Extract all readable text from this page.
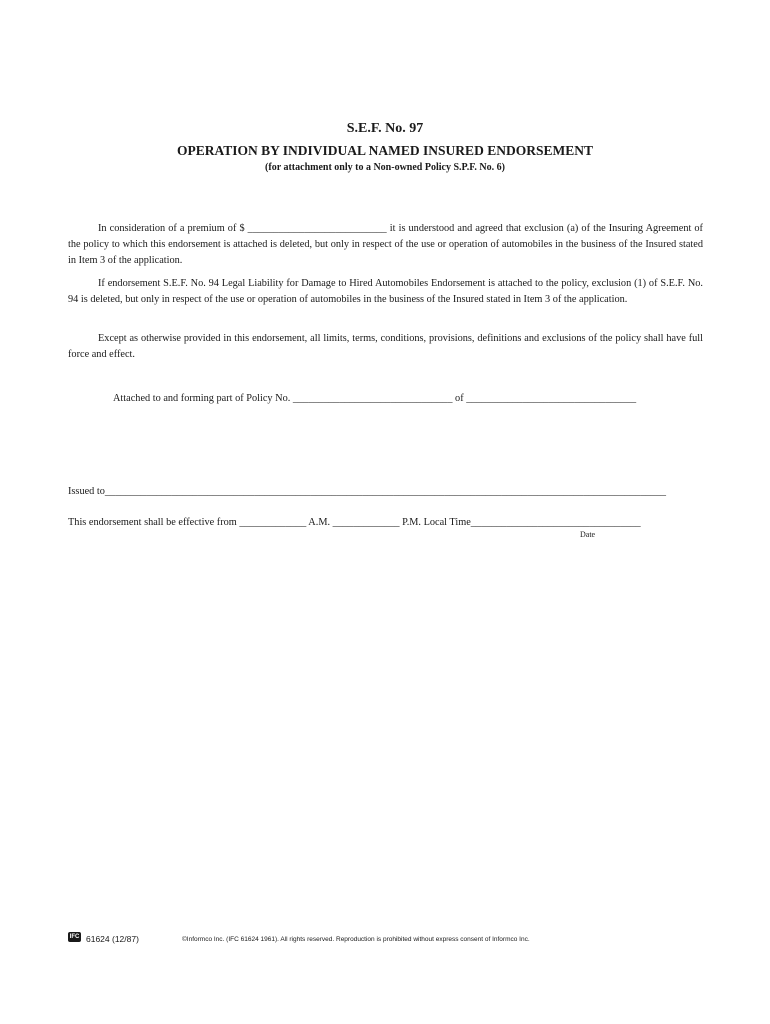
S.E.F. No. 97
OPERATION BY INDIVIDUAL NAMED INSURED ENDORSEMENT
(for attachment only to a Non-owned Policy S.P.F. No. 6)
In consideration of a premium of $ ___________________________ it is understood and agreed that exclusion (a) of the Insuring Agreement of the policy to which this endorsement is attached is deleted, but only in respect of the use or operation of automobiles in the business of the Insured stated in Item 3 of the application.
If endorsement S.E.F. No. 94 Legal Liability for Damage to Hired Automobiles Endorsement is attached to the policy, exclusion (1) of S.E.F. No. 94 is deleted, but only in respect of the use or operation of automobiles in the business of the Insured stated in Item 3 of the application.
Except as otherwise provided in this endorsement, all limits, terms, conditions, provisions, definitions and exclusions of the policy shall have full force and effect.
Attached to and forming part of Policy No. _______________________________ of _________________________________
Issued to_____________________________________________________________________________________________________________
This endorsement shall be effective from _____________ A.M. _____________ P.M. Local Time_________________________________
Date
IFC 61624 (12/87)	©Informco Inc. (IFC 61624 1961). All rights reserved. Reproduction is prohibited without express consent of Informco Inc.
